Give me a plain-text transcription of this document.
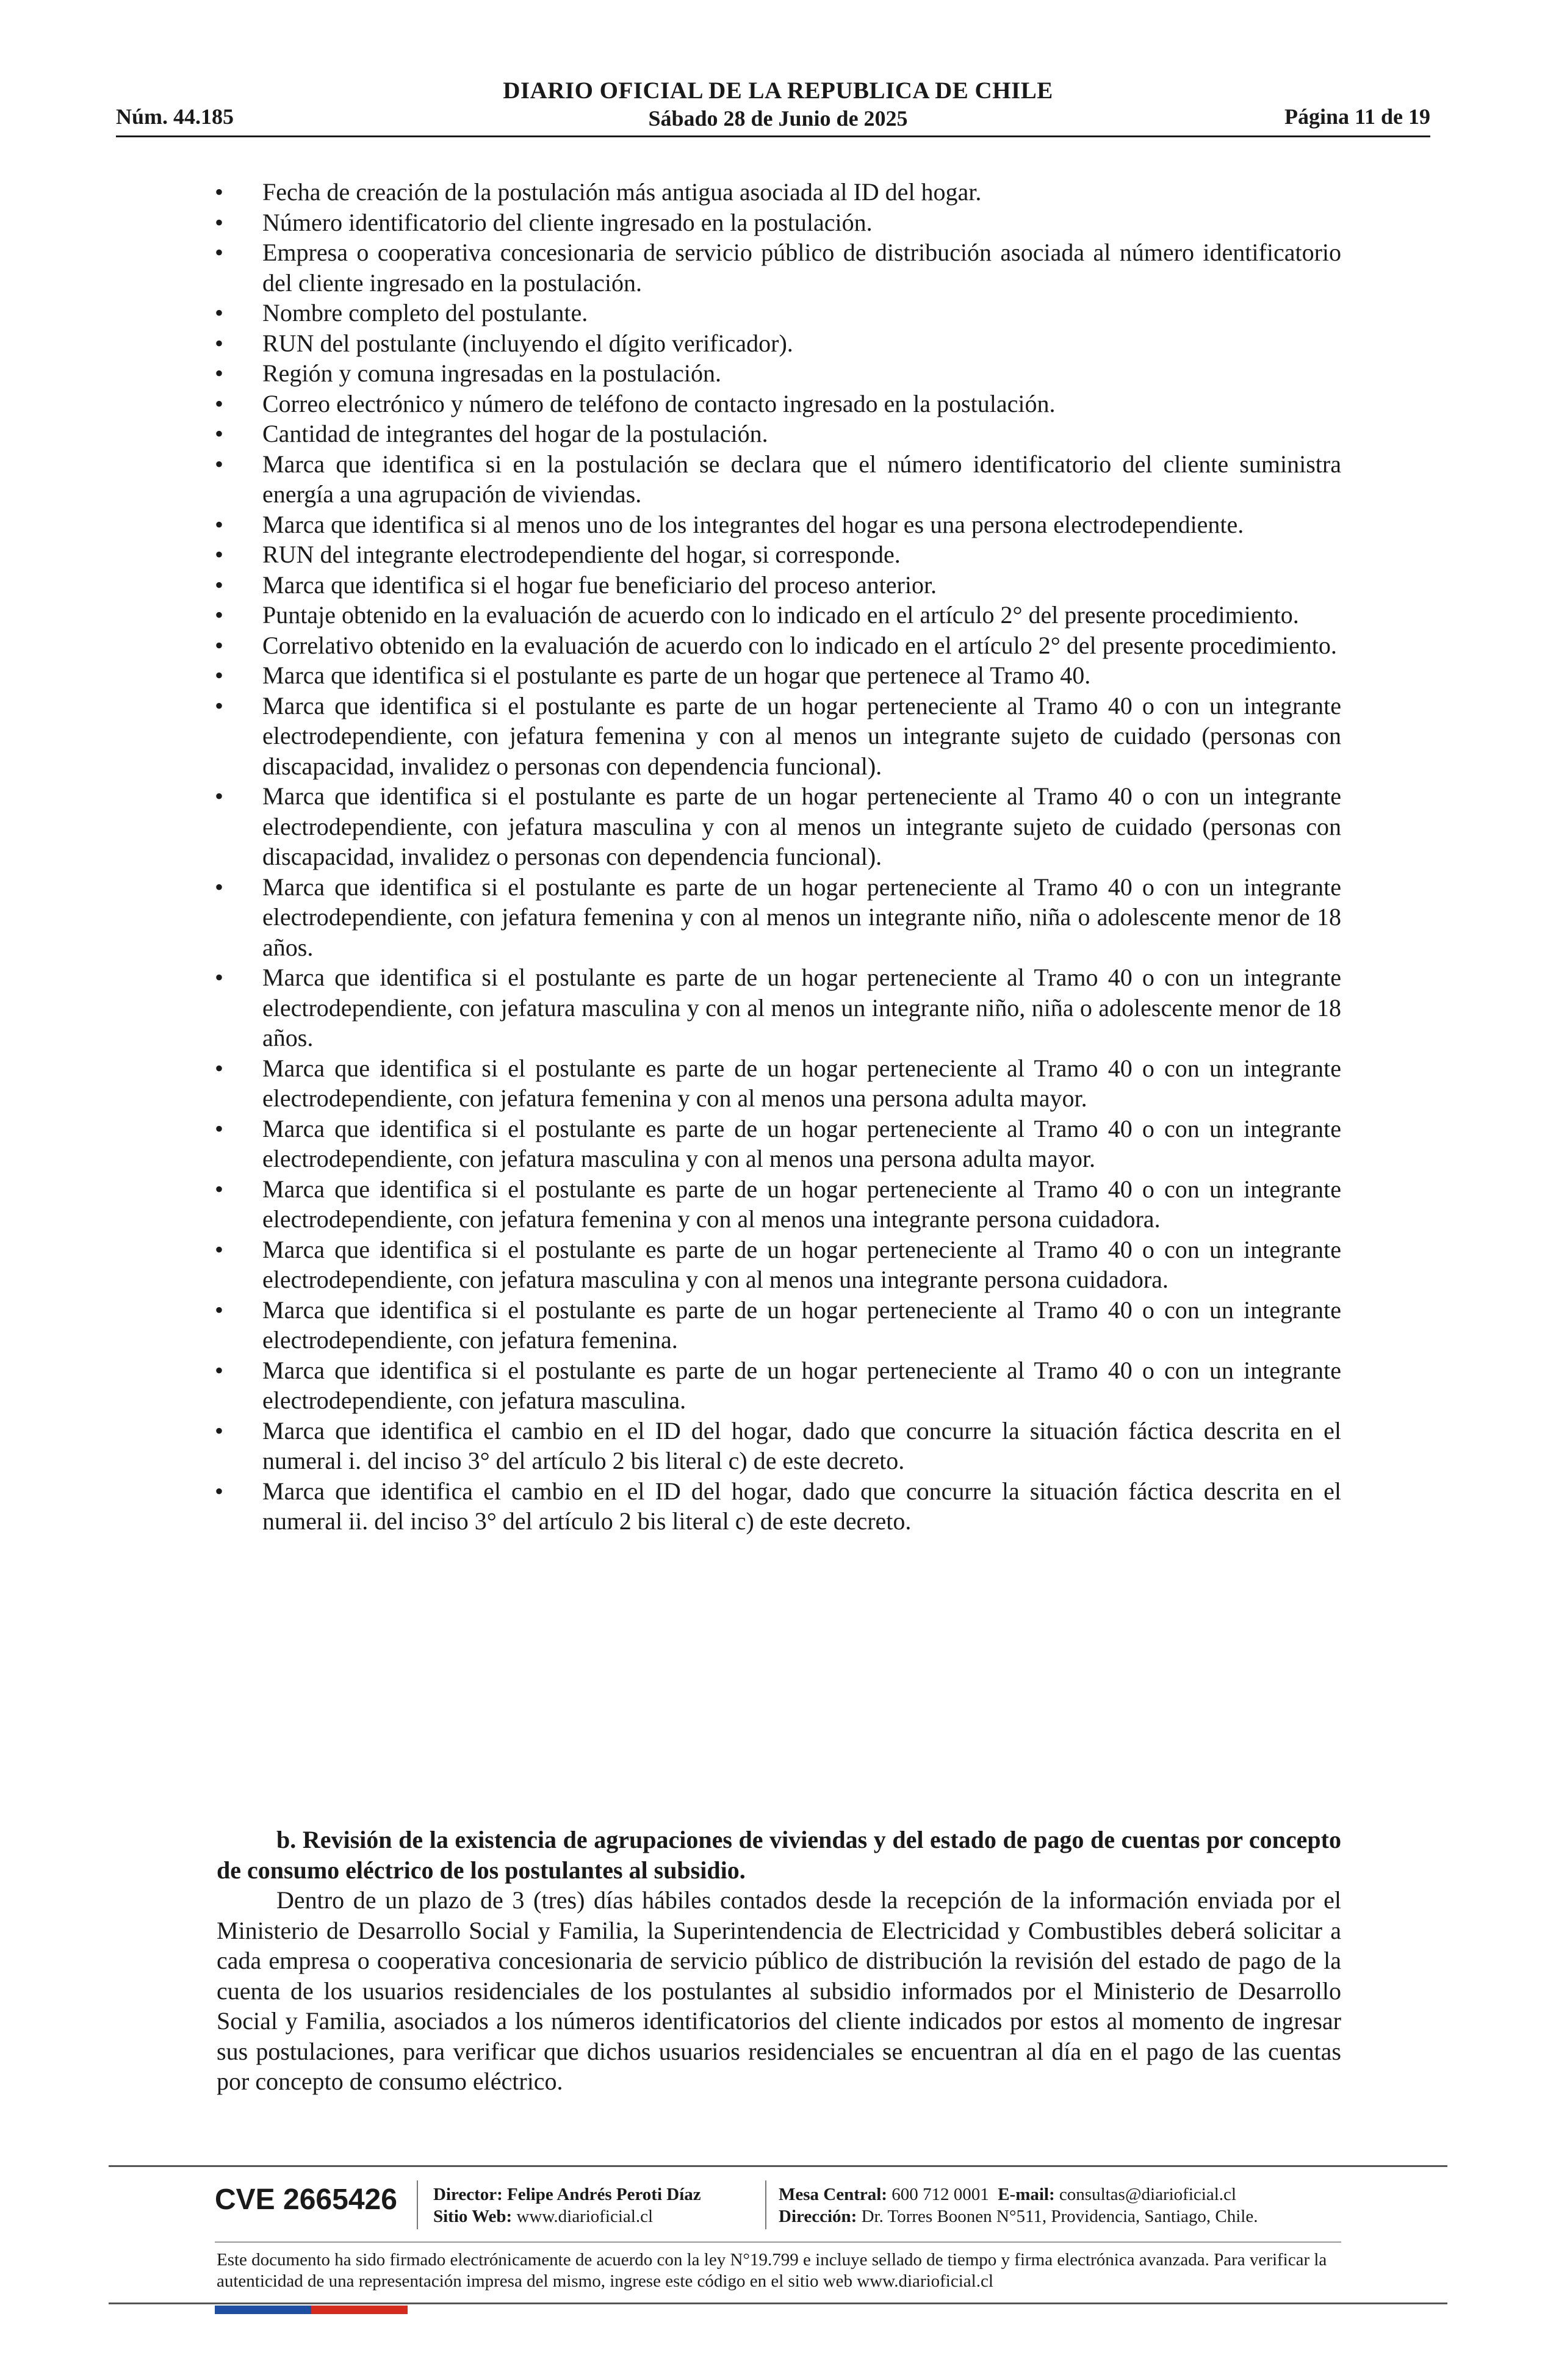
Núm. 44.185
DIARIO OFICIAL DE LA REPUBLICA DE CHILE
Sábado 28 de Junio de 2025	Página 11 de 19
• Fecha de creación de la postulación más antigua asociada al ID del hogar.
• Número identificatorio del cliente ingresado en la postulación.
• Empresa o cooperativa concesionaria de servicio público de distribución asociada al número identificatorio del cliente ingresado en la postulación.
• Nombre completo del postulante.
• RUN del postulante (incluyendo el dígito verificador).
• Región y comuna ingresadas en la postulación.
• Correo electrónico y número de teléfono de contacto ingresado en la postulación.
• Cantidad de integrantes del hogar de la postulación.
• Marca que identifica si en la postulación se declara que el número identificatorio del cliente suministra energía a una agrupación de viviendas.
• Marca que identifica si al menos uno de los integrantes del hogar es una persona electrodependiente.
• RUN del integrante electrodependiente del hogar, si corresponde.
• Marca que identifica si el hogar fue beneficiario del proceso anterior.
• Puntaje obtenido en la evaluación de acuerdo con lo indicado en el artículo 2° del presente procedimiento.
• Correlativo obtenido en la evaluación de acuerdo con lo indicado en el artículo 2° del presente procedimiento.
• Marca que identifica si el postulante es parte de un hogar que pertenece al Tramo 40.
• Marca que identifica si el postulante es parte de un hogar perteneciente al Tramo 40 o con un integrante electrodependiente, con jefatura femenina y con al menos un integrante sujeto de cuidado (personas con discapacidad, invalidez o personas con dependencia funcional).
• Marca que identifica si el postulante es parte de un hogar perteneciente al Tramo 40 o con un integrante electrodependiente, con jefatura masculina y con al menos un integrante sujeto de cuidado (personas con discapacidad, invalidez o personas con dependencia funcional).
• Marca que identifica si el postulante es parte de un hogar perteneciente al Tramo 40 o con un integrante electrodependiente, con jefatura femenina y con al menos un integrante niño, niña o adolescente menor de 18 años.
• Marca que identifica si el postulante es parte de un hogar perteneciente al Tramo 40 o con un integrante electrodependiente, con jefatura masculina y con al menos un integrante niño, niña o adolescente menor de 18 años.
• Marca que identifica si el postulante es parte de un hogar perteneciente al Tramo 40 o con un integrante electrodependiente, con jefatura femenina y con al menos una persona adulta mayor.
• Marca que identifica si el postulante es parte de un hogar perteneciente al Tramo 40 o con un integrante electrodependiente, con jefatura masculina y con al menos una persona adulta mayor.
• Marca que identifica si el postulante es parte de un hogar perteneciente al Tramo 40 o con un integrante electrodependiente, con jefatura femenina y con al menos una integrante persona cuidadora.
• Marca que identifica si el postulante es parte de un hogar perteneciente al Tramo 40 o con un integrante electrodependiente, con jefatura masculina y con al menos una integrante persona cuidadora.
• Marca que identifica si el postulante es parte de un hogar perteneciente al Tramo 40 o con un integrante electrodependiente, con jefatura femenina.
• Marca que identifica si el postulante es parte de un hogar perteneciente al Tramo 40 o con un integrante electrodependiente, con jefatura masculina.
• Marca que identifica el cambio en el ID del hogar, dado que concurre la situación fáctica descrita en el numeral i. del inciso 3° del artículo 2 bis literal c) de este decreto.
• Marca que identifica el cambio en el ID del hogar, dado que concurre la situación fáctica descrita en el numeral ii. del inciso 3° del artículo 2 bis literal c) de este decreto.

b. Revisión de la existencia de agrupaciones de viviendas y del estado de pago de cuentas por concepto de consumo eléctrico de los postulantes al subsidio.

Dentro de un plazo de 3 (tres) días hábiles contados desde la recepción de la información enviada por el Ministerio de Desarrollo Social y Familia, la Superintendencia de Electricidad y Combustibles deberá solicitar a cada empresa o cooperativa concesionaria de servicio público de distribución la revisión del estado de pago de la cuenta de los usuarios residenciales de los postulantes al subsidio informados por el Ministerio de Desarrollo Social y Familia, asociados a los números identificatorios del cliente indicados por estos al momento de ingresar sus postulaciones, para verificar que dichos usuarios residenciales se encuentran al día en el pago de las cuentas por concepto de consumo eléctrico.

CVE 2665426 Director: Felipe Andrés Peroti Díaz
Sitio Web: www.diarioficial.cl
Mesa Central: 600 712 0001 E-mail: consultas@diarioficial.cl
Dirección: Dr. Torres Boonen N°511, Providencia, Santiago, Chile.
Este documento ha sido firmado electrónicamente de acuerdo con la ley N°19.799 e incluye sellado de tiempo y firma electrónica avanzada. Para verificar la autenticidad de una representación impresa del mismo, ingrese este código en el sitio web www.diarioficial.cl
